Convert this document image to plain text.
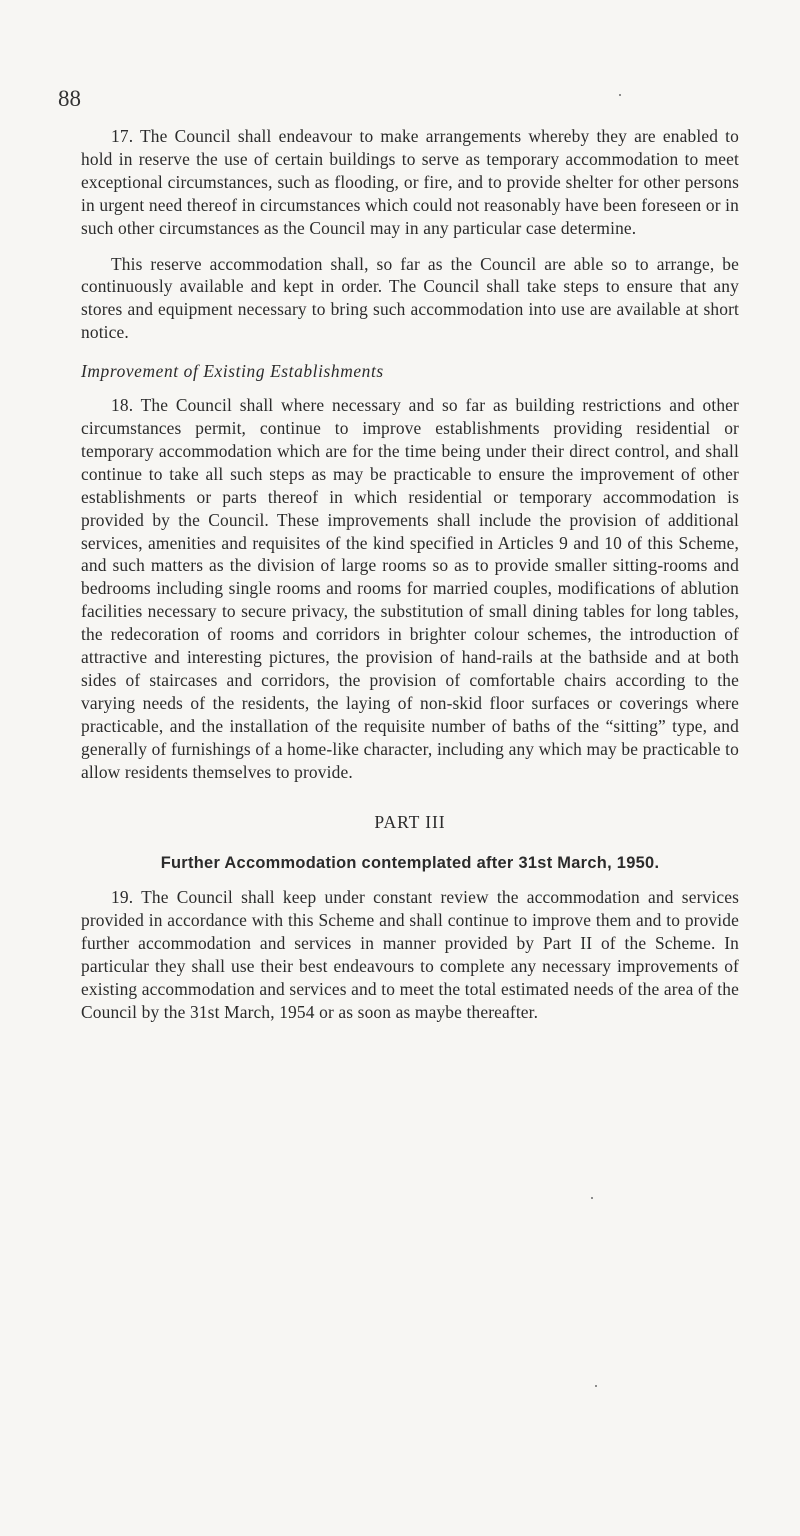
88

17. The Council shall endeavour to make arrangements whereby they are enabled to hold in reserve the use of certain buildings to serve as temporary accommodation to meet exceptional circumstances, such as flooding, or fire, and to provide shelter for other persons in urgent need thereof in circumstances which could not reasonably have been foreseen or in such other circumstances as the Council may in any particular case determine.

This reserve accommodation shall, so far as the Council are able so to arrange, be continuously available and kept in order. The Council shall take steps to ensure that any stores and equipment necessary to bring such accommodation into use are available at short notice.

Improvement of Existing Establishments

18. The Council shall where necessary and so far as building restrictions and other circumstances permit, continue to improve establishments providing residential or temporary accommodation which are for the time being under their direct control, and shall continue to take all such steps as may be practicable to ensure the improvement of other establishments or parts thereof in which residential or temporary accommodation is provided by the Council. These improvements shall include the provision of additional services, amenities and requisites of the kind specified in Articles 9 and 10 of this Scheme, and such matters as the division of large rooms so as to provide smaller sitting-rooms and bedrooms including single rooms and rooms for married couples, modifications of ablution facilities necessary to secure privacy, the substitution of small dining tables for long tables, the redecoration of rooms and corridors in brighter colour schemes, the introduction of attractive and interesting pictures, the provision of hand-rails at the bathside and at both sides of staircases and corridors, the provision of comfortable chairs according to the varying needs of the residents, the laying of non-skid floor surfaces or coverings where practicable, and the installation of the requisite number of baths of the “sitting” type, and generally of furnishings of a home-like character, including any which may be practicable to allow residents themselves to provide.

PART III

Further Accommodation contemplated after 31st March, 1950.

19. The Council shall keep under constant review the accommodation and services provided in accordance with this Scheme and shall continue to improve them and to provide further accommodation and services in manner provided by Part II of the Scheme. In particular they shall use their best endeavours to complete any necessary improvements of existing accommodation and services and to meet the total estimated needs of the area of the Council by the 31st March, 1954 or as soon as maybe thereafter.
